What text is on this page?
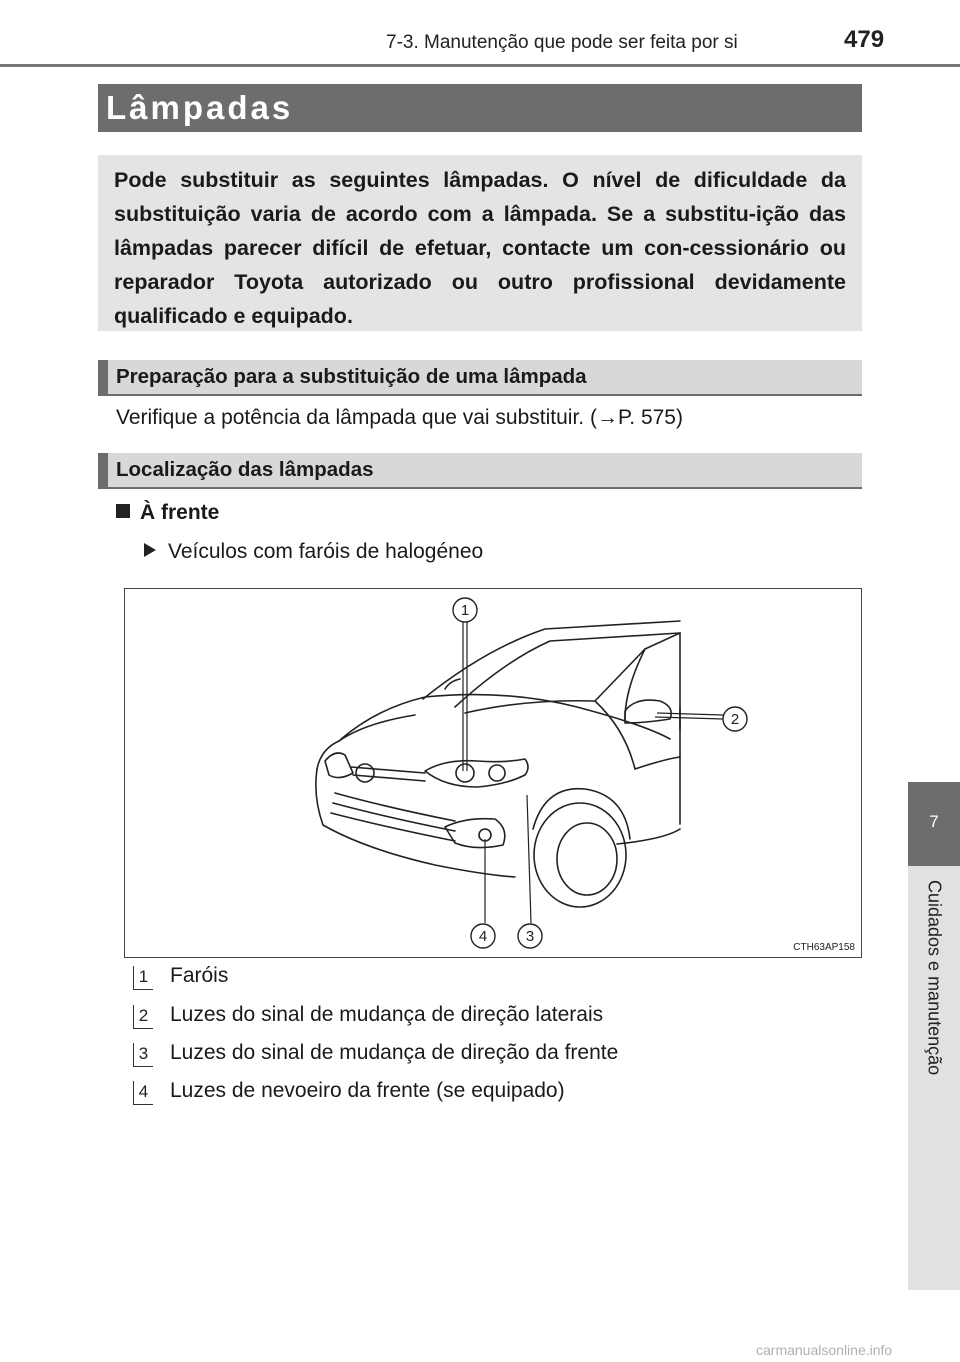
7-3. Manutenção que pode ser feita por si	479
7
Cuidados e manutenção
Lâmpadas

Pode substituir as seguintes lâmpadas. O nível de dificuldade da substituição varia de acordo com a lâmpada. Se a substitu-ição das lâmpadas parecer difícil de efetuar, contacte um con-cessionário ou reparador Toyota autorizado ou outro profissional devidamente qualificado e equipado.

Preparação para a substituição de uma lâmpada
Verifique a potência da lâmpada que vai substituir. (→P. 575)
Localização das lâmpadas
À frente
Veículos com faróis de halogéneo
1
2
3
4
CTH63AP158
1 Faróis
2 Luzes do sinal de mudança de direção laterais
3 Luzes do sinal de mudança de direção da frente
4 Luzes de nevoeiro da frente (se equipado)
carmanualsonline.info
